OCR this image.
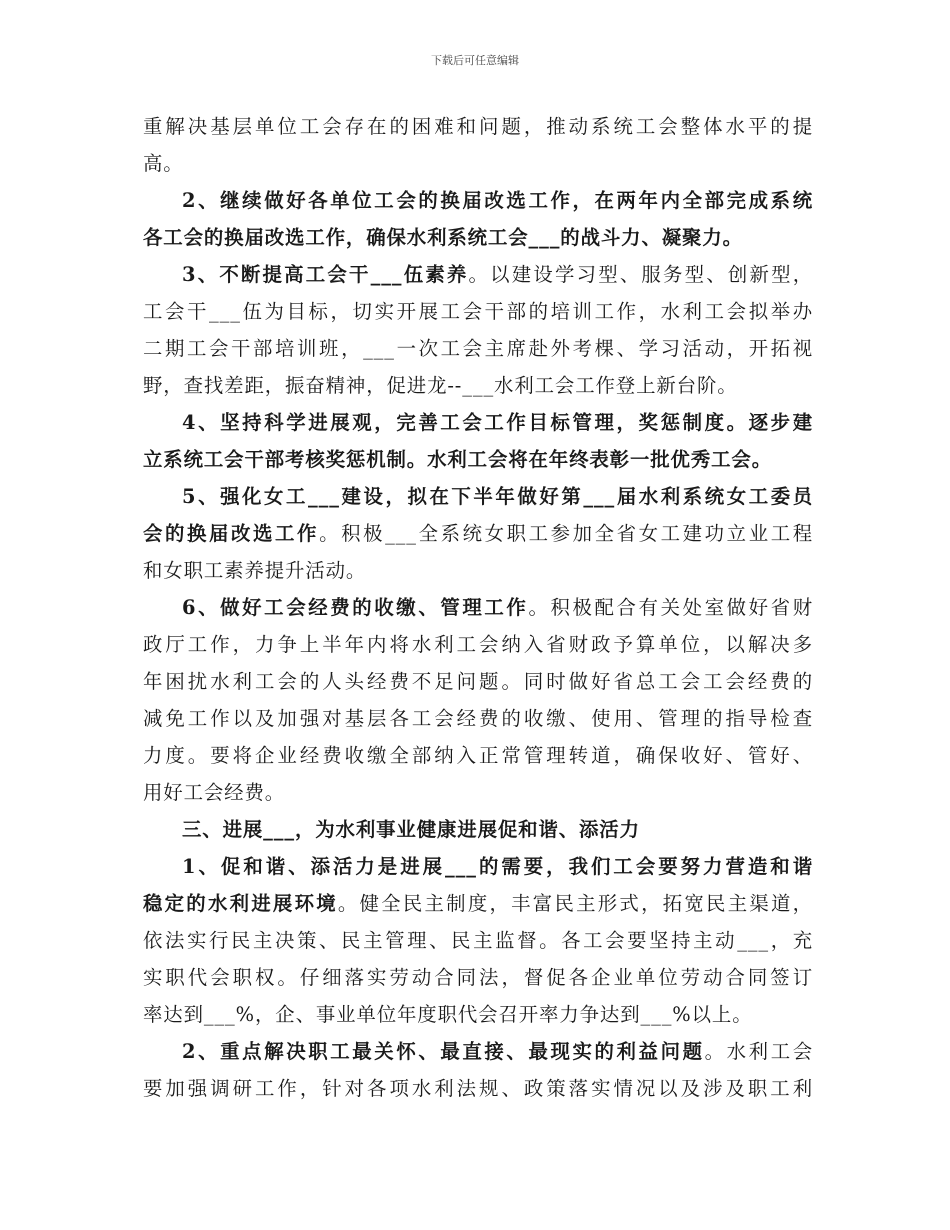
下载后可任意编辑
重解决基层单位工会存在的困难和问题，推动系统工会整体水平的提
高。
2、继续做好各单位工会的换届改选工作，在两年内全部完成系统
各工会的换届改选工作，确保水利系统工会___的战斗力、凝聚力。
3、不断提高工会干___伍素养。以建设学习型、服务型、创新型，
工会干___伍为目标，切实开展工会干部的培训工作，水利工会拟举办
二期工会干部培训班，___一次工会主席赴外考棵、学习活动，开拓视
野，查找差距，振奋精神，促进龙--___水利工会工作登上新台阶。
4、坚持科学进展观，完善工会工作目标管理，奖惩制度。逐步建
立系统工会干部考核奖惩机制。水利工会将在年终表彰一批优秀工会。
5、强化女工___建设，拟在下半年做好第___届水利系统女工委员
会的换届改选工作。积极___全系统女职工参加全省女工建功立业工程
和女职工素养提升活动。
6、做好工会经费的收缴、管理工作。积极配合有关处室做好省财
政厅工作，力争上半年内将水利工会纳入省财政予算单位，以解决多
年困扰水利工会的人头经费不足问题。同时做好省总工会工会经费的
减免工作以及加强对基层各工会经费的收缴、使用、管理的指导检查
力度。要将企业经费收缴全部纳入正常管理转道，确保收好、管好、
用好工会经费。
三、进展___，为水利事业健康进展促和谐、添活力
1、促和谐、添活力是进展___的需要，我们工会要努力营造和谐
稳定的水利进展环境。健全民主制度，丰富民主形式，拓宽民主渠道，
依法实行民主决策、民主管理、民主监督。各工会要坚持主动___，充
实职代会职权。仔细落实劳动合同法，督促各企业单位劳动合同签订
率达到___%，企、事业单位年度职代会召开率力争达到___%以上。
2、重点解决职工最关怀、最直接、最现实的利益问题。水利工会
要加强调研工作，针对各项水利法规、政策落实情况以及涉及职工利
